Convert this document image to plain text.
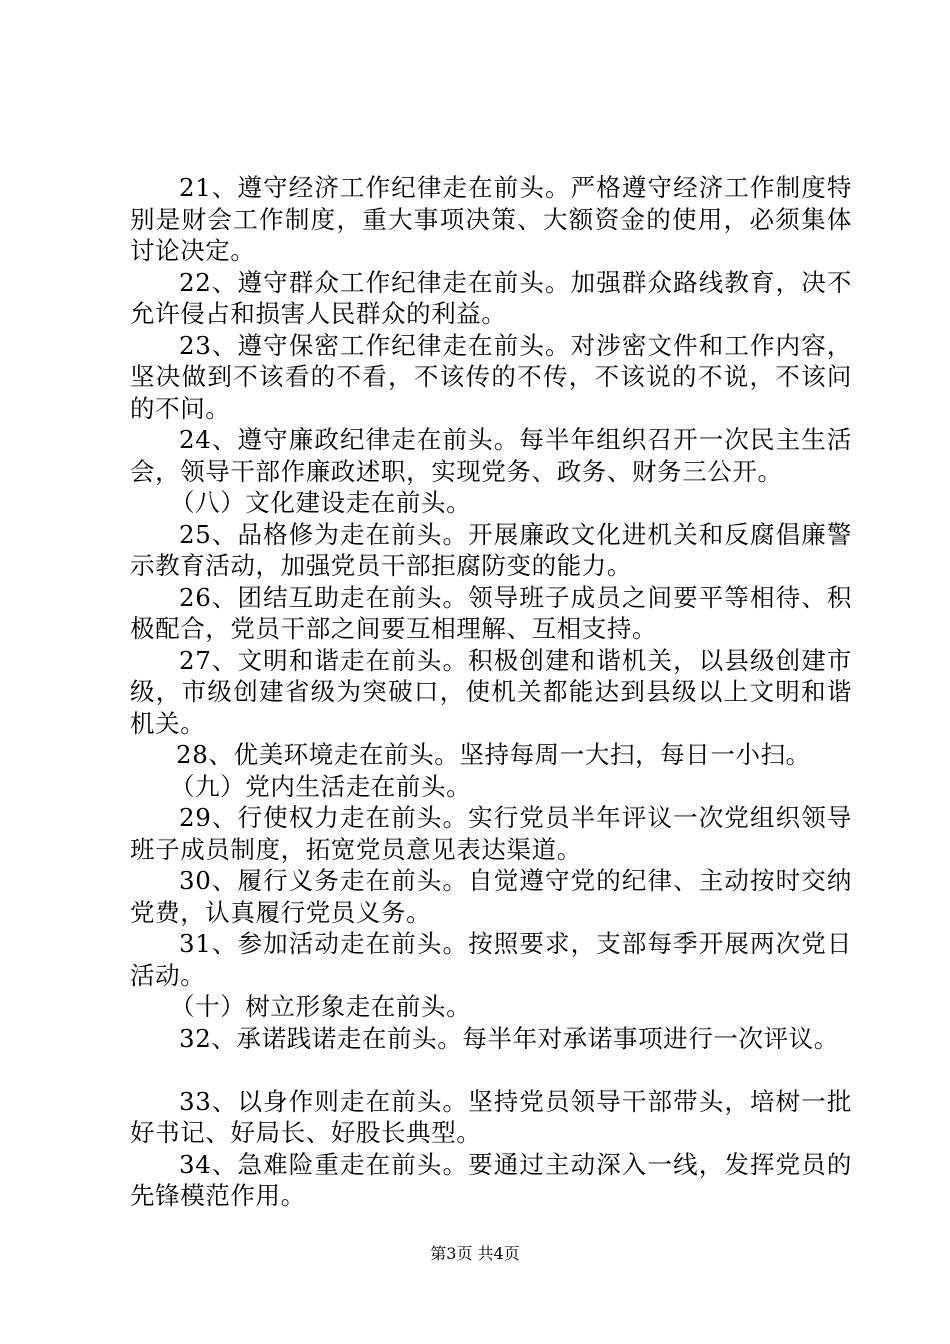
21、遵守经济工作纪律走在前头。严格遵守经济工作制度特别是财会工作制度，重大事项决策、大额资金的使用，必须集体讨论决定。

22、遵守群众工作纪律走在前头。加强群众路线教育，决不允许侵占和损害人民群众的利益。

23、遵守保密工作纪律走在前头。对涉密文件和工作内容，坚决做到不该看的不看，不该传的不传，不该说的不说，不该问的不问。

24、遵守廉政纪律走在前头。每半年组织召开一次民主生活会，领导干部作廉政述职，实现党务、政务、财务三公开。

（八）文化建设走在前头。

25、品格修为走在前头。开展廉政文化进机关和反腐倡廉警示教育活动，加强党员干部拒腐防变的能力。

26、团结互助走在前头。领导班子成员之间要平等相待、积极配合，党员干部之间要互相理解、互相支持。

27、文明和谐走在前头。积极创建和谐机关，以县级创建市级，市级创建省级为突破口，使机关都能达到县级以上文明和谐机关。

28、优美环境走在前头。坚持每周一大扫，每日一小扫。

（九）党内生活走在前头。

29、行使权力走在前头。实行党员半年评议一次党组织领导班子成员制度，拓宽党员意见表达渠道。

30、履行义务走在前头。自觉遵守党的纪律、主动按时交纳党费，认真履行党员义务。

31、参加活动走在前头。按照要求，支部每季开展两次党日活动。

（十）树立形象走在前头。

32、承诺践诺走在前头。每半年对承诺事项进行一次评议。

33、以身作则走在前头。坚持党员领导干部带头，培树一批好书记、好局长、好股长典型。

34、急难险重走在前头。要通过主动深入一线，发挥党员的先锋模范作用。

第3页 共4页
